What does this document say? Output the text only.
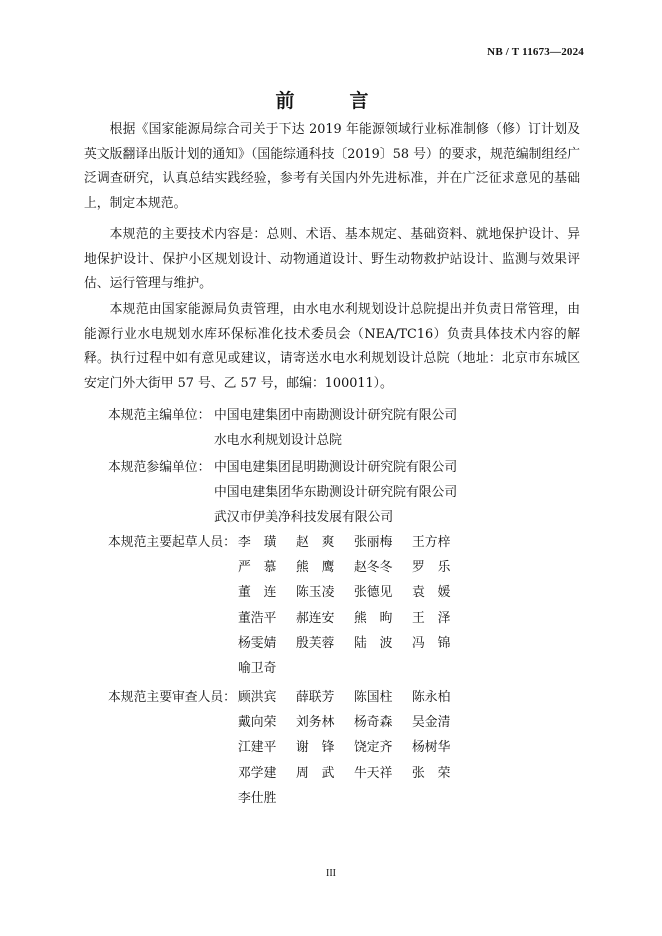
NB / T 11673—2024
前　言

根据《国家能源局综合司关于下达 2019 年能源领域行业标准制修（修）订计划及英文版翻译出版计划的通知》（国能综通科技〔2019〕58 号）的要求，规范编制组经广泛调查研究，认真总结实践经验，参考有关国内外先进标准，并在广泛征求意见的基础上，制定本规范。

本规范的主要技术内容是：总则、术语、基本规定、基础资料、就地保护设计、异地保护设计、保护小区规划设计、动物通道设计、野生动物救护站设计、监测与效果评估、运行管理与维护。

本规范由国家能源局负责管理，由水电水利规划设计总院提出并负责日常管理，由能源行业水电规划水库环保标准化技术委员会（NEA/TC16）负责具体技术内容的解释。执行过程中如有意见或建议，请寄送水电水利规划设计总院（地址：北京市东城区安定门外大街甲 57 号、乙 57 号，邮编：100011）。

本规范主编单位： 中国电建集团中南勘测设计研究院有限公司
水电水利规划设计总院
本规范参编单位： 中国电建集团昆明勘测设计研究院有限公司
中国电建集团华东勘测设计研究院有限公司
武汉市伊美净科技发展有限公司
本规范主要起草人员： 李　璜 赵　爽 张丽梅 王方梓
严　慕 熊　鹰 赵冬冬 罗　乐
董　连 陈玉凌 张德见 袁　媛
董浩平 郝连安 熊　昫 王　泽
杨雯婧 殷芙蓉 陆　波 冯　锦
喻卫奇
本规范主要审查人员： 顾洪宾 薛联芳 陈国柱 陈永柏
戴向荣 刘务林 杨奇森 吴金清
江建平 谢　锋 饶定齐 杨树华
邓学建 周　武 牛天祥 张　荣
李仕胜
III
